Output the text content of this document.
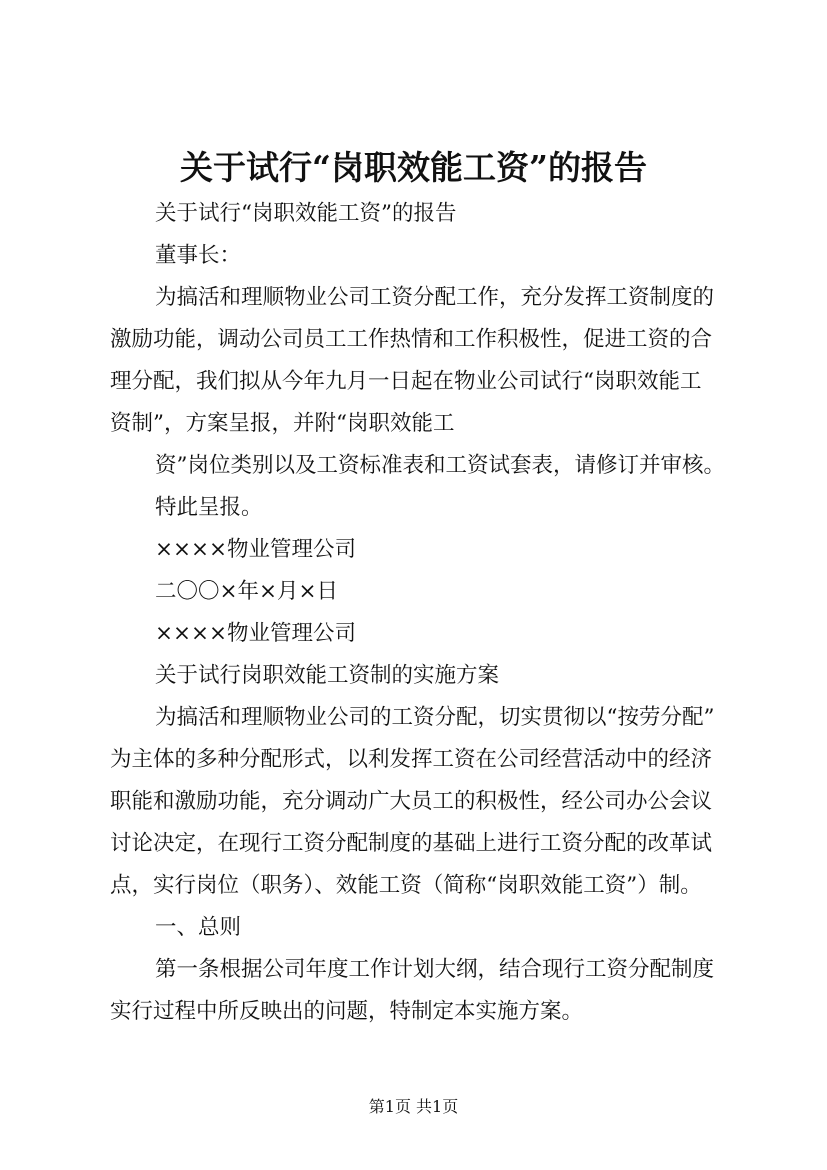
关于试行“岗职效能工资”的报告
关于试行“岗职效能工资”的报告
董事长：
为搞活和理顺物业公司工资分配工作，充分发挥工资制度的
激励功能，调动公司员工工作热情和工作积极性，促进工资的合
理分配，我们拟从今年九月一日起在物业公司试行“岗职效能工
资制”，方案呈报，并附“岗职效能工
资”岗位类别以及工资标准表和工资试套表，请修订并审核。
特此呈报。
××××物业管理公司
二〇〇×年×月×日
××××物业管理公司
关于试行岗职效能工资制的实施方案
为搞活和理顺物业公司的工资分配，切实贯彻以“按劳分配”
为主体的多种分配形式，以利发挥工资在公司经营活动中的经济
职能和激励功能，充分调动广大员工的积极性，经公司办公会议
讨论决定，在现行工资分配制度的基础上进行工资分配的改革试
点，实行岗位（职务）、效能工资（简称“岗职效能工资”）制。
一、总则
第一条根据公司年度工作计划大纲，结合现行工资分配制度
实行过程中所反映出的问题，特制定本实施方案。
第1页 共1页
